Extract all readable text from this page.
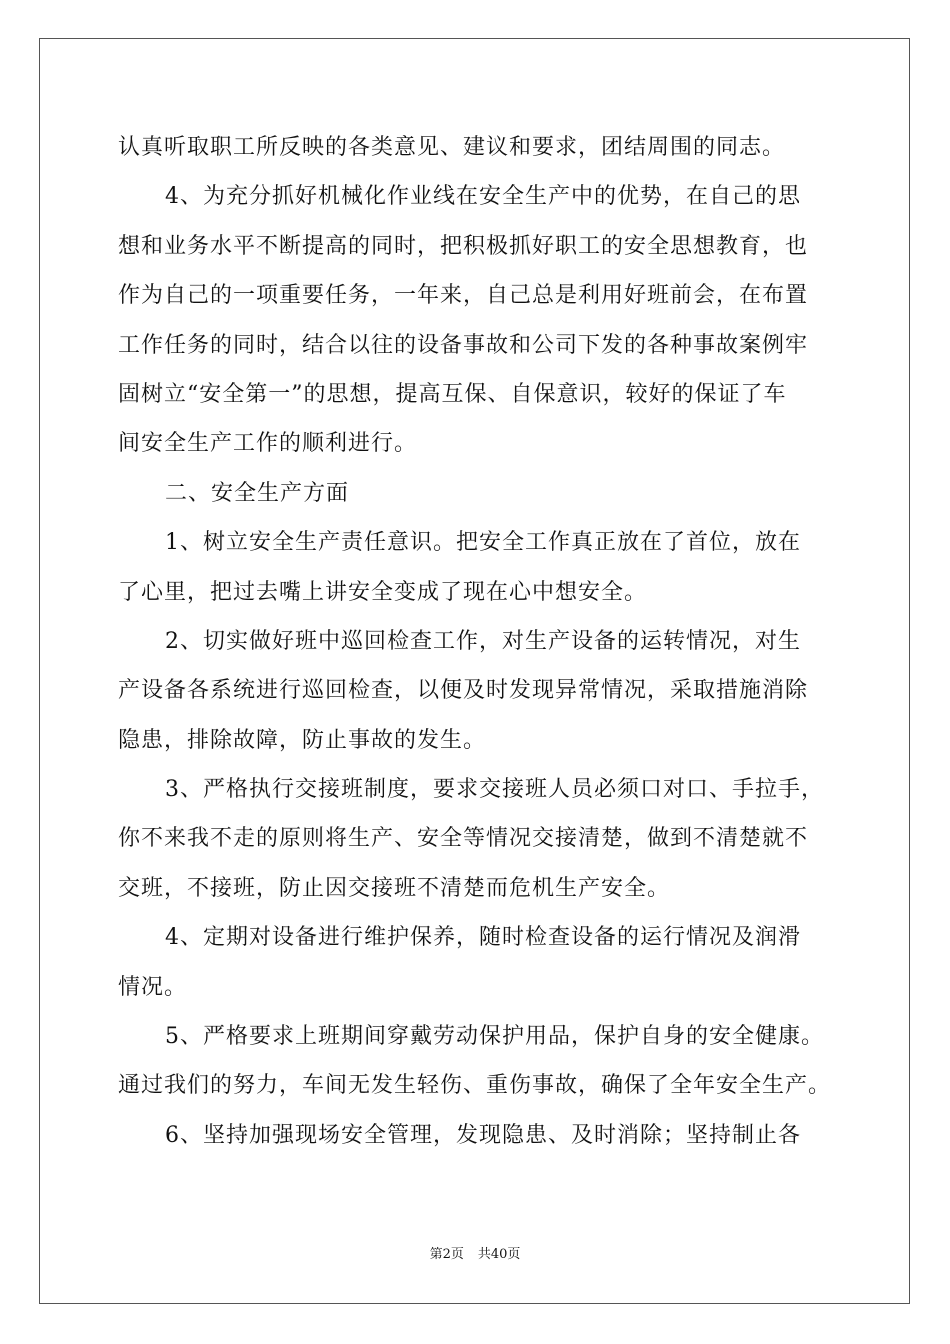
认真听取职工所反映的各类意见、建议和要求，团结周围的同志。
4、为充分抓好机械化作业线在安全生产中的优势，在自己的思
想和业务水平不断提高的同时，把积极抓好职工的安全思想教育，也
作为自己的一项重要任务，一年来，自己总是利用好班前会，在布置
工作任务的同时，结合以往的设备事故和公司下发的各种事故案例牢
固树立“安全第一”的思想，提高互保、自保意识，较好的保证了车
间安全生产工作的顺利进行。
二、安全生产方面
1、树立安全生产责任意识。把安全工作真正放在了首位，放在
了心里，把过去嘴上讲安全变成了现在心中想安全。
2、切实做好班中巡回检查工作，对生产设备的运转情况，对生
产设备各系统进行巡回检查，以便及时发现异常情况，采取措施消除
隐患，排除故障，防止事故的发生。
3、严格执行交接班制度，要求交接班人员必须口对口、手拉手，
你不来我不走的原则将生产、安全等情况交接清楚，做到不清楚就不
交班，不接班，防止因交接班不清楚而危机生产安全。
4、定期对设备进行维护保养，随时检查设备的运行情况及润滑
情况。
5、严格要求上班期间穿戴劳动保护用品，保护自身的安全健康。
通过我们的努力，车间无发生轻伤、重伤事故，确保了全年安全生产。
6、坚持加强现场安全管理，发现隐患、及时消除；坚持制止各
第2页 共40页
